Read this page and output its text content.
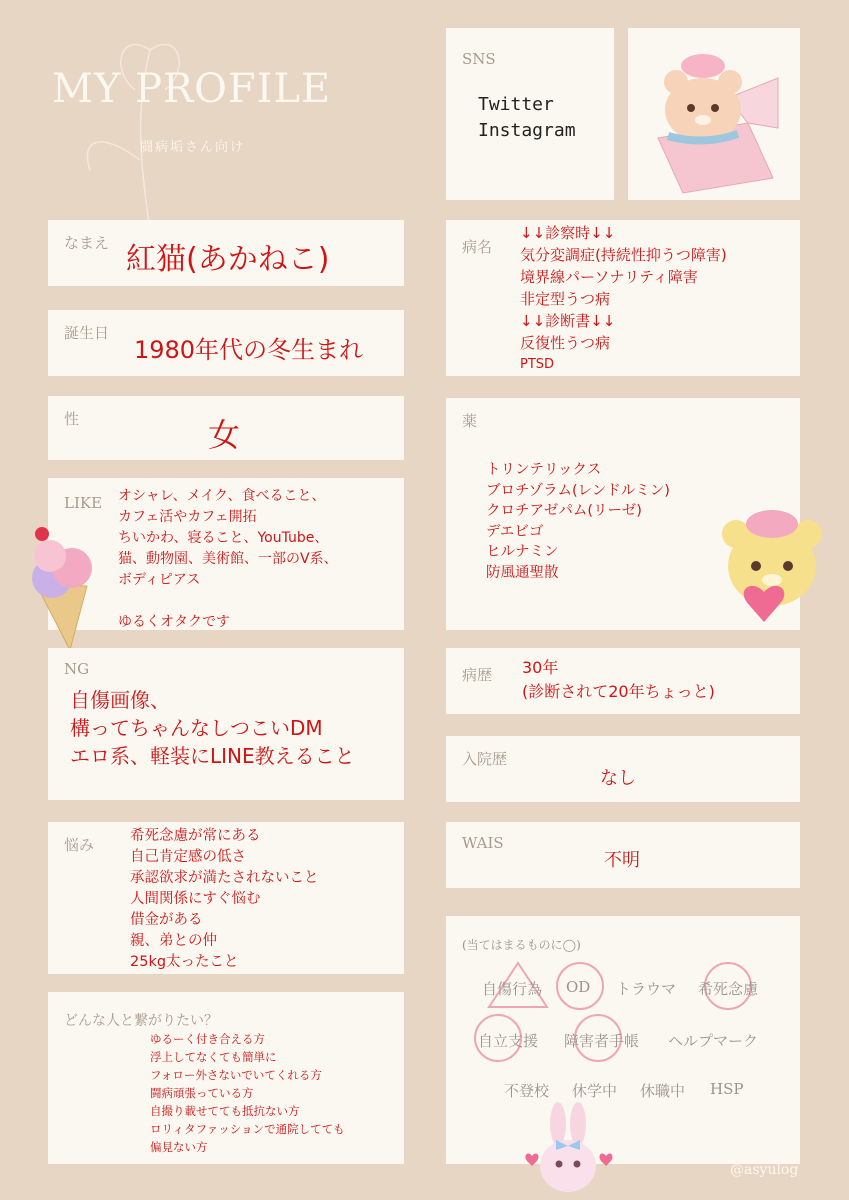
MY PROFILE
闘病垢さん向け
SNS
Twitter
Instagram
なまえ 紅猫(あかねこ)
誕生日
1980年代の冬生まれ
性	女
LIKE オシャレ、メイク、食べること、
カフェ活やカフェ開拓
ちいかわ、寝ること、YouTube、
猫、動物園、美術館、一部のV系、
ボディピアス
ゆるくオタクです
NG
自傷画像、
構ってちゃんなしつこいDM
エロ系、軽装にLINE教えること
悩み 希死念慮が常にある
自己肯定感の低さ
承認欲求が満たされないこと
人間関係にすぐ悩む
借金がある
親、弟との仲
25kg太ったこと
どんな人と繋がりたい？
ゆるーく付き合える方
浮上してなくても簡単に
フォロー外さないでいてくれる方
闘病頑張っている方
自撮り載せてても抵抗ない方
ロリィタファッションで通院してても
偏見ない方
病名
↓↓診察時↓↓
気分変調症(持続性抑うつ障害)
境界線パーソナリティ障害
非定型うつ病
↓↓診断書↓↓
反復性うつ病
PTSD
薬
トリンテリックス
ブロチゾラム(レンドルミン)
クロチアゼパム(リーゼ)
デエビゴ
ヒルナミン
防風通聖散
病歴 30年
(診断されて20年ちょっと)
入院歴
なし
WAIS
不明
(当てはまるものに◯)
自傷行為 OD トラウマ 希死念慮
自立支援 障害者手帳 ヘルプマーク
不登校 休学中 休職中 HSP
@asyulog
